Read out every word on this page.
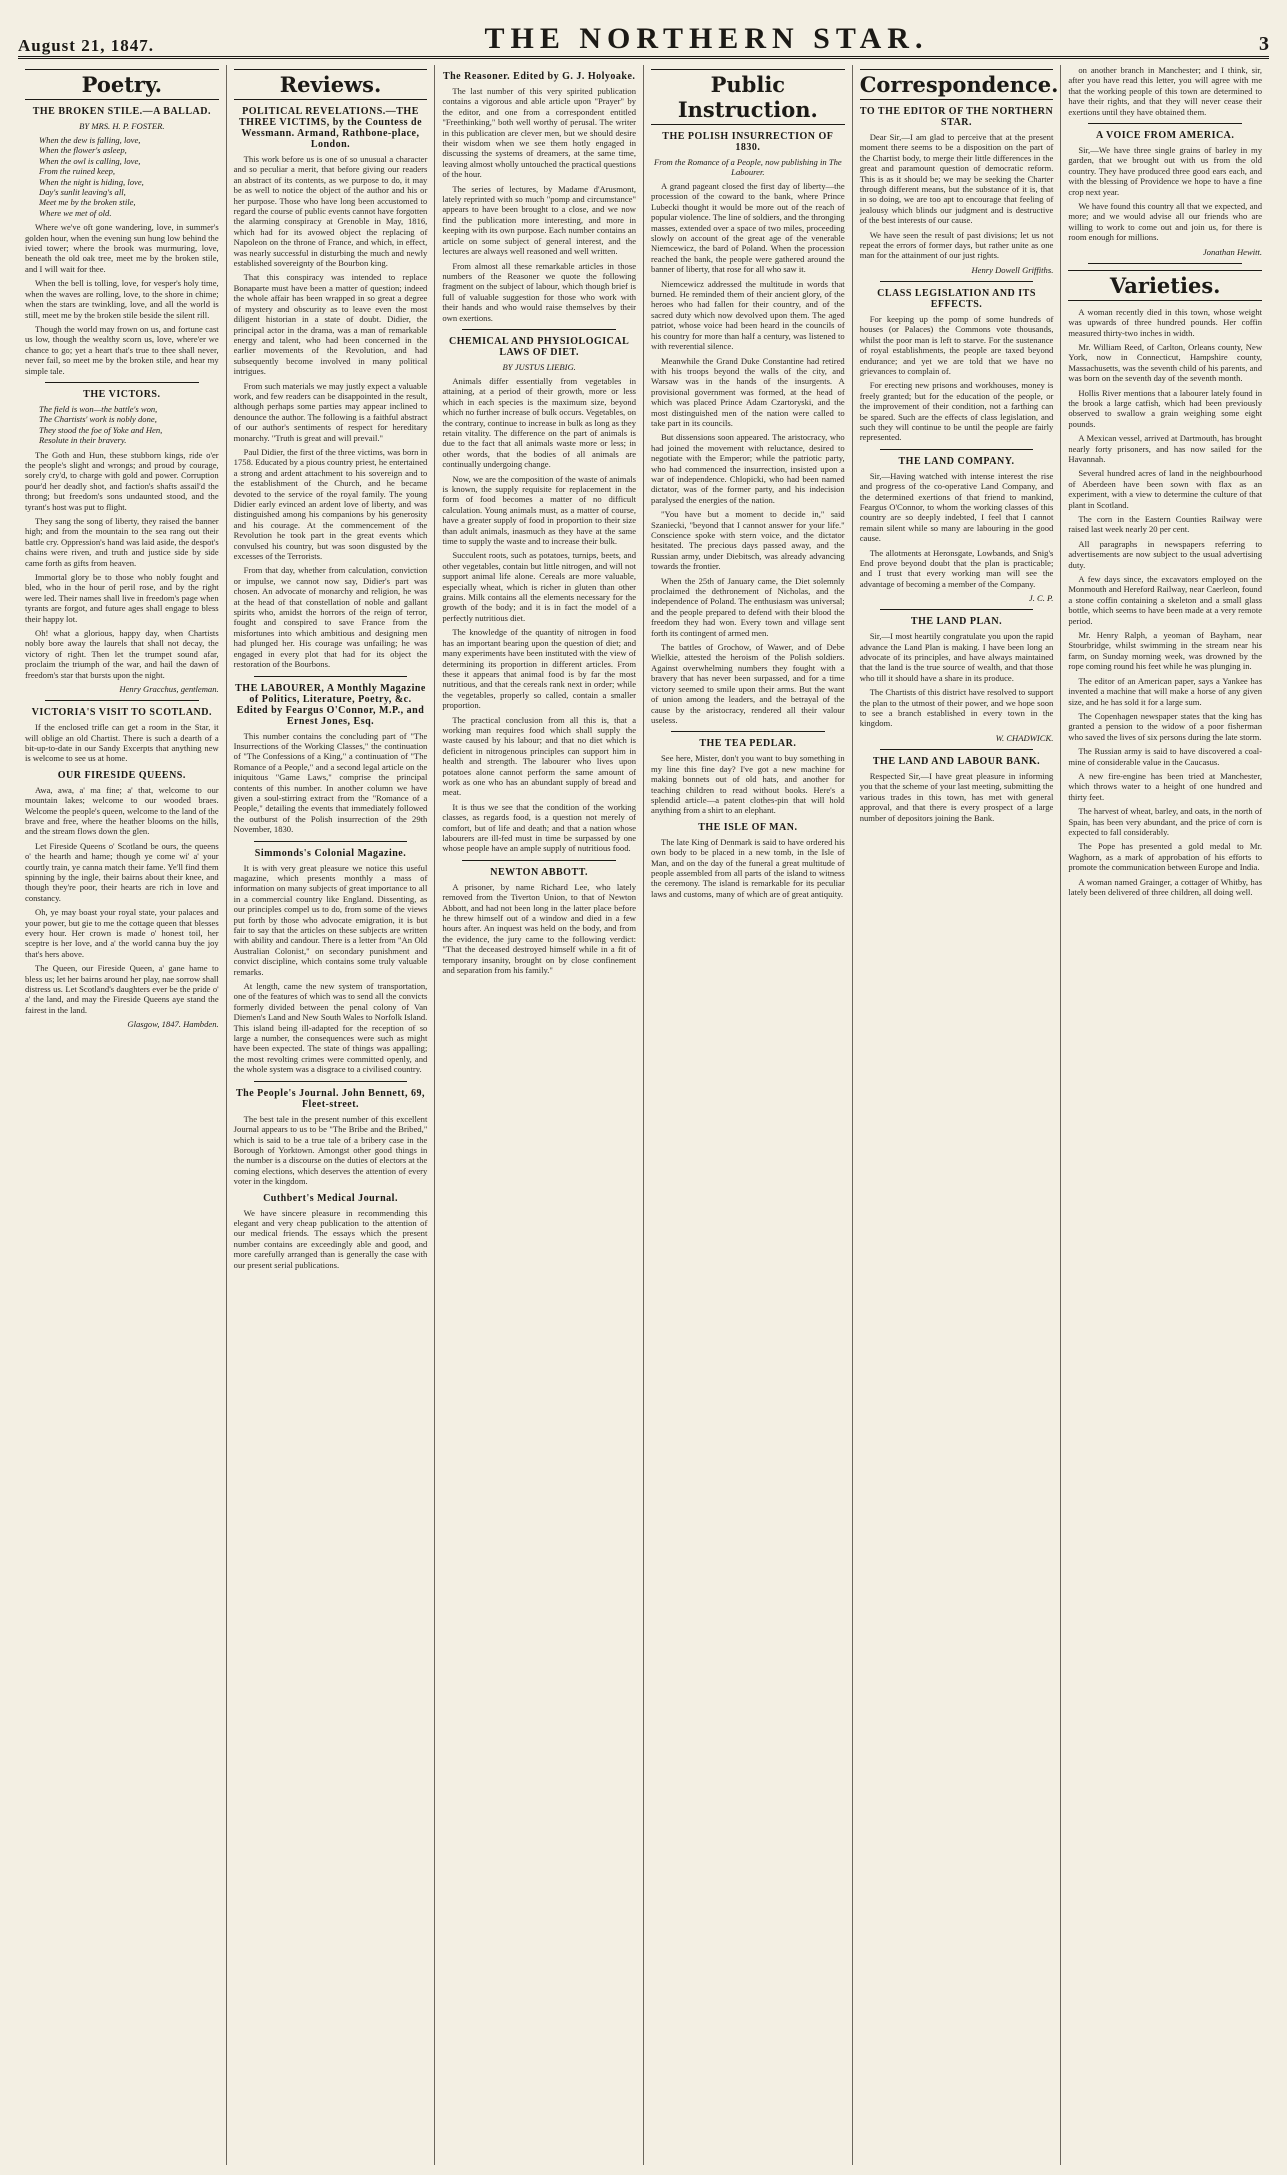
August 21, 1847.	THE NORTHERN STAR.	3
Poetry.
THE BROKEN STILE.—A BALLAD.
BY MRS. H. P. FOSTER.
When the dew is falling, love,
When the flower's asleep,
When the owl is calling, love,
From the ruined keep,
When the night is hiding, love,
Day's sunlit leaving's all,
Meet me by the broken stile,
Where we met of old.
Where we've oft gone wandering, love, in summer's golden hour, when the evening sun hung low behind the ivied tower; where the brook was murmuring, love, beneath the old oak tree, meet me by the broken stile, and I will wait for thee.
When the bell is tolling, love, for vesper's holy time, when the waves are rolling, love, to the shore in chime; when the stars are twinkling, love, and all the world is still, meet me by the broken stile beside the silent rill.
Though the world may frown on us, and fortune cast us low, though the wealthy scorn us, love, where'er we chance to go; yet a heart that's true to thee shall never, never fail, so meet me by the broken stile, and hear my simple tale.
THE VICTORS.
The field is won—the battle's won,
The Chartists' work is nobly done,
They stood the foe of Yoke and Hen,
Resolute in their bravery.
The Goth and Hun, these stubborn kings, ride o'er the people's slight and wrongs; and proud by courage, sorely cry'd, to charge with gold and power. Corruption pour'd her deadly shot, and faction's shafts assail'd the throng; but freedom's sons undaunted stood, and the tyrant's host was put to flight.
They sang the song of liberty, they raised the banner high; and from the mountain to the sea rang out their battle cry. Oppression's hand was laid aside, the despot's chains were riven, and truth and justice side by side came forth as gifts from heaven.
Immortal glory be to those who nobly fought and bled, who in the hour of peril rose, and by the right were led. Their names shall live in freedom's page when tyrants are forgot, and future ages shall engage to bless their happy lot.
Oh! what a glorious, happy day, when Chartists nobly bore away the laurels that shall not decay, the victory of right. Then let the trumpet sound afar, proclaim the triumph of the war, and hail the dawn of freedom's star that bursts upon the night.
Henry Gracchus, gentleman.
VICTORIA'S VISIT TO SCOTLAND.
If the enclosed trifle can get a room in the Star, it will oblige an old Chartist. There is such a dearth of a bit-up-to-date in our Sandy Excerpts that anything new is welcome to see us at home.
OUR FIRESIDE QUEENS.
Awa, awa, a' ma fine; a' that, welcome to our mountain lakes; welcome to our wooded braes. Welcome the people's queen, welcome to the land of the brave and free, where the heather blooms on the hills, and the stream flows down the glen.
Let Fireside Queens o' Scotland be ours, the queens o' the hearth and hame; though ye come wi' a' your courtly train, ye canna match their fame. Ye'll find them spinning by the ingle, their bairns about their knee, and though they're poor, their hearts are rich in love and constancy.
Oh, ye may boast your royal state, your palaces and your power, but gie to me the cottage queen that blesses every hour. Her crown is made o' honest toil, her sceptre is her love, and a' the world canna buy the joy that's hers above.
The Queen, our Fireside Queen, a' gane hame to bless us; let her bairns around her play, nae sorrow shall distress us. Let Scotland's daughters ever be the pride o' a' the land, and may the Fireside Queens aye stand the fairest in the land.
Glasgow, 1847. Hambden.
Reviews.
POLITICAL REVELATIONS.—THE THREE VICTIMS, by the Countess de Wessmann. Armand, Rathbone-place, London.
This work before us is one of so unusual a character and so peculiar a merit, that before giving our readers an abstract of its contents, as we purpose to do, it may be as well to notice the object of the author and his or her purpose. Those who have long been accustomed to regard the course of public events cannot have forgotten the alarming conspiracy at Grenoble in May, 1816, which had for its avowed object the replacing of Napoleon on the throne of France, and which, in effect, was nearly successful in disturbing the much and newly established sovereignty of the Bourbon king.
That this conspiracy was intended to replace Bonaparte must have been a matter of question; indeed the whole affair has been wrapped in so great a degree of mystery and obscurity as to leave even the most diligent historian in a state of doubt. Didier, the principal actor in the drama, was a man of remarkable energy and talent, who had been concerned in the earlier movements of the Revolution, and had subsequently become involved in many political intrigues.
From such materials we may justly expect a valuable work, and few readers can be disappointed in the result, although perhaps some parties may appear inclined to denounce the author. The following is a faithful abstract of our author's sentiments of respect for hereditary monarchy. "Truth is great and will prevail."
Paul Didier, the first of the three victims, was born in 1758. Educated by a pious country priest, he entertained a strong and ardent attachment to his sovereign and to the establishment of the Church, and he became devoted to the service of the royal family. The young Didier early evinced an ardent love of liberty, and was distinguished among his companions by his generosity and his courage. At the commencement of the Revolution he took part in the great events which convulsed his country, but was soon disgusted by the excesses of the Terrorists.
From that day, whether from calculation, conviction or impulse, we cannot now say, Didier's part was chosen. An advocate of monarchy and religion, he was at the head of that constellation of noble and gallant spirits who, amidst the horrors of the reign of terror, fought and conspired to save France from the misfortunes into which ambitious and designing men had plunged her. His courage was unfailing; he was engaged in every plot that had for its object the restoration of the Bourbons.
THE LABOURER, A Monthly Magazine of Politics, Literature, Poetry, &c. Edited by Feargus O'Connor, M.P., and Ernest Jones, Esq.
This number contains the concluding part of "The Insurrections of the Working Classes," the continuation of "The Confessions of a King," a continuation of "The Romance of a People," and a second legal article on the iniquitous "Game Laws," comprise the principal contents of this number. In another column we have given a soul-stirring extract from the "Romance of a People," detailing the events that immediately followed the outburst of the Polish insurrection of the 29th November, 1830.
Simmonds's Colonial Magazine.
It is with very great pleasure we notice this useful magazine, which presents monthly a mass of information on many subjects of great importance to all in a commercial country like England. Dissenting, as our principles compel us to do, from some of the views put forth by those who advocate emigration, it is but fair to say that the articles on these subjects are written with ability and candour. There is a letter from "An Old Australian Colonist," on secondary punishment and convict discipline, which contains some truly valuable remarks.
At length, came the new system of transportation, one of the features of which was to send all the convicts formerly divided between the penal colony of Van Diemen's Land and New South Wales to Norfolk Island. This island being ill-adapted for the reception of so large a number, the consequences were such as might have been expected. The state of things was appalling; the most revolting crimes were committed openly, and the whole system was a disgrace to a civilised country.
The People's Journal. John Bennett, 69, Fleet-street.
The best tale in the present number of this excellent Journal appears to us to be "The Bribe and the Bribed," which is said to be a true tale of a bribery case in the Borough of Yorktown. Amongst other good things in the number is a discourse on the duties of electors at the coming elections, which deserves the attention of every voter in the kingdom.
Cuthbert's Medical Journal.
We have sincere pleasure in recommending this elegant and very cheap publication to the attention of our medical friends. The essays which the present number contains are exceedingly able and good, and more carefully arranged than is generally the case with our present serial publications.
The Reasoner. Edited by G. J. Holyoake.
The last number of this very spirited publication contains a vigorous and able article upon "Prayer" by the editor, and one from a correspondent entitled "Freethinking," both well worthy of perusal. The writer in this publication are clever men, but we should desire their wisdom when we see them hotly engaged in discussing the systems of dreamers, at the same time, leaving almost wholly untouched the practical questions of the hour.
The series of lectures, by Madame d'Arusmont, lately reprinted with so much "pomp and circumstance" appears to have been brought to a close, and we now find the publication more interesting, and more in keeping with its own purpose. Each number contains an article on some subject of general interest, and the lectures are always well reasoned and well written.
From almost all these remarkable articles in those numbers of the Reasoner we quote the following fragment on the subject of labour, which though brief is full of valuable suggestion for those who work with their hands and who would raise themselves by their own exertions.
CHEMICAL AND PHYSIOLOGICAL LAWS OF DIET.
BY JUSTUS LIEBIG.
Animals differ essentially from vegetables in attaining, at a period of their growth, more or less which in each species is the maximum size, beyond which no further increase of bulk occurs. Vegetables, on the contrary, continue to increase in bulk as long as they retain vitality. The difference on the part of animals is due to the fact that all animals waste more or less; in other words, that the bodies of all animals are continually undergoing change.
Now, we are the composition of the waste of animals is known, the supply requisite for replacement in the form of food becomes a matter of no difficult calculation. Young animals must, as a matter of course, have a greater supply of food in proportion to their size than adult animals, inasmuch as they have at the same time to supply the waste and to increase their bulk.
Succulent roots, such as potatoes, turnips, beets, and other vegetables, contain but little nitrogen, and will not support animal life alone. Cereals are more valuable, especially wheat, which is richer in gluten than other grains. Milk contains all the elements necessary for the growth of the body; and it is in fact the model of a perfectly nutritious diet.
The knowledge of the quantity of nitrogen in food has an important bearing upon the question of diet; and many experiments have been instituted with the view of determining its proportion in different articles. From these it appears that animal food is by far the most nutritious, and that the cereals rank next in order; while the vegetables, properly so called, contain a smaller proportion.
The practical conclusion from all this is, that a working man requires food which shall supply the waste caused by his labour; and that no diet which is deficient in nitrogenous principles can support him in health and strength. The labourer who lives upon potatoes alone cannot perform the same amount of work as one who has an abundant supply of bread and meat.
It is thus we see that the condition of the working classes, as regards food, is a question not merely of comfort, but of life and death; and that a nation whose labourers are ill-fed must in time be surpassed by one whose people have an ample supply of nutritious food.
NEWTON ABBOTT.
A prisoner, by name Richard Lee, who lately removed from the Tiverton Union, to that of Newton Abbott, and had not been long in the latter place before he threw himself out of a window and died in a few hours after. An inquest was held on the body, and from the evidence, the jury came to the following verdict: "That the deceased destroyed himself while in a fit of temporary insanity, brought on by close confinement and separation from his family."
Public Instruction.
THE POLISH INSURRECTION OF 1830.
From the Romance of a People, now publishing in The Labourer.
A grand pageant closed the first day of liberty—the procession of the coward to the bank, where Prince Lubecki thought it would be more out of the reach of popular violence. The line of soldiers, and the thronging masses, extended over a space of two miles, proceeding slowly on account of the great age of the venerable Niemcewicz, the bard of Poland. When the procession reached the bank, the people were gathered around the banner of liberty, that rose for all who saw it.
Niemcewicz addressed the multitude in words that burned. He reminded them of their ancient glory, of the heroes who had fallen for their country, and of the sacred duty which now devolved upon them. The aged patriot, whose voice had been heard in the councils of his country for more than half a century, was listened to with reverential silence.
Meanwhile the Grand Duke Constantine had retired with his troops beyond the walls of the city, and Warsaw was in the hands of the insurgents. A provisional government was formed, at the head of which was placed Prince Adam Czartoryski, and the most distinguished men of the nation were called to take part in its councils.
But dissensions soon appeared. The aristocracy, who had joined the movement with reluctance, desired to negotiate with the Emperor; while the patriotic party, who had commenced the insurrection, insisted upon a war of independence. Chlopicki, who had been named dictator, was of the former party, and his indecision paralysed the energies of the nation.
"You have but a moment to decide in," said Szaniecki, "beyond that I cannot answer for your life." Conscience spoke with stern voice, and the dictator hesitated. The precious days passed away, and the Russian army, under Diebitsch, was already advancing towards the frontier.
When the 25th of January came, the Diet solemnly proclaimed the dethronement of Nicholas, and the independence of Poland. The enthusiasm was universal; and the people prepared to defend with their blood the freedom they had won. Every town and village sent forth its contingent of armed men.
The battles of Grochow, of Wawer, and of Debe Wielkie, attested the heroism of the Polish soldiers. Against overwhelming numbers they fought with a bravery that has never been surpassed, and for a time victory seemed to smile upon their arms. But the want of union among the leaders, and the betrayal of the cause by the aristocracy, rendered all their valour useless.
THE TEA PEDLAR.
See here, Mister, don't you want to buy something in my line this fine day? I've got a new machine for making bonnets out of old hats, and another for teaching children to read without books. Here's a splendid article—a patent clothes-pin that will hold anything from a shirt to an elephant.
THE ISLE OF MAN.
The late King of Denmark is said to have ordered his own body to be placed in a new tomb, in the Isle of Man, and on the day of the funeral a great multitude of people assembled from all parts of the island to witness the ceremony. The island is remarkable for its peculiar laws and customs, many of which are of great antiquity.
Correspondence.
TO THE EDITOR OF THE NORTHERN STAR.
Dear Sir,—I am glad to perceive that at the present moment there seems to be a disposition on the part of the Chartist body, to merge their little differences in the great and paramount question of democratic reform. This is as it should be; we may be seeking the Charter through different means, but the substance of it is, that in so doing, we are too apt to encourage that feeling of jealousy which blinds our judgment and is destructive of the best interests of our cause.
We have seen the result of past divisions; let us not repeat the errors of former days, but rather unite as one man for the attainment of our just rights.
Henry Dowell Griffiths.
CLASS LEGISLATION AND ITS EFFECTS.
For keeping up the pomp of some hundreds of houses (or Palaces) the Commons vote thousands, whilst the poor man is left to starve. For the sustenance of royal establishments, the people are taxed beyond endurance; and yet we are told that we have no grievances to complain of.
For erecting new prisons and workhouses, money is freely granted; but for the education of the people, or the improvement of their condition, not a farthing can be spared. Such are the effects of class legislation, and such they will continue to be until the people are fairly represented.
THE LAND COMPANY.
Sir,—Having watched with intense interest the rise and progress of the co-operative Land Company, and the determined exertions of that friend to mankind, Feargus O'Connor, to whom the working classes of this country are so deeply indebted, I feel that I cannot remain silent while so many are labouring in the good cause.
The allotments at Heronsgate, Lowbands, and Snig's End prove beyond doubt that the plan is practicable; and I trust that every working man will see the advantage of becoming a member of the Company.
J. C. P.
THE LAND PLAN.
Sir,—I most heartily congratulate you upon the rapid advance the Land Plan is making. I have been long an advocate of its principles, and have always maintained that the land is the true source of wealth, and that those who till it should have a share in its produce.
The Chartists of this district have resolved to support the plan to the utmost of their power, and we hope soon to see a branch established in every town in the kingdom.
W. CHADWICK.
THE LAND AND LABOUR BANK.
Respected Sir,—I have great pleasure in informing you that the scheme of your last meeting, submitting the various trades in this town, has met with general approval, and that there is every prospect of a large number of depositors joining the Bank.
on another branch in Manchester; and I think, sir, after you have read this letter, you will agree with me that the working people of this town are determined to have their rights, and that they will never cease their exertions until they have obtained them.
A VOICE FROM AMERICA.
Sir,—We have three single grains of barley in my garden, that we brought out with us from the old country. They have produced three good ears each, and with the blessing of Providence we hope to have a fine crop next year.
We have found this country all that we expected, and more; and we would advise all our friends who are willing to work to come out and join us, for there is room enough for millions.
Jonathan Hewitt.
Varieties.
A woman recently died in this town, whose weight was upwards of three hundred pounds. Her coffin measured thirty-two inches in width.
Mr. William Reed, of Carlton, Orleans county, New York, now in Connecticut, Hampshire county, Massachusetts, was the seventh child of his parents, and was born on the seventh day of the seventh month.
Hollis River mentions that a labourer lately found in the brook a large catfish, which had been previously observed to swallow a grain weighing some eight pounds.
A Mexican vessel, arrived at Dartmouth, has brought nearly forty prisoners, and has now sailed for the Havannah.
Several hundred acres of land in the neighbourhood of Aberdeen have been sown with flax as an experiment, with a view to determine the culture of that plant in Scotland.
The corn in the Eastern Counties Railway were raised last week nearly 20 per cent.
All paragraphs in newspapers referring to advertisements are now subject to the usual advertising duty.
A few days since, the excavators employed on the Monmouth and Hereford Railway, near Caerleon, found a stone coffin containing a skeleton and a small glass bottle, which seems to have been made at a very remote period.
Mr. Henry Ralph, a yeoman of Bayham, near Stourbridge, whilst swimming in the stream near his farm, on Sunday morning week, was drowned by the rope coming round his feet while he was plunging in.
The editor of an American paper, says a Yankee has invented a machine that will make a horse of any given size, and he has sold it for a large sum.
The Copenhagen newspaper states that the king has granted a pension to the widow of a poor fisherman who saved the lives of six persons during the late storm.
The Russian army is said to have discovered a coal-mine of considerable value in the Caucasus.
A new fire-engine has been tried at Manchester, which throws water to a height of one hundred and thirty feet.
The harvest of wheat, barley, and oats, in the north of Spain, has been very abundant, and the price of corn is expected to fall considerably.
The Pope has presented a gold medal to Mr. Waghorn, as a mark of approbation of his efforts to promote the communication between Europe and India.
A woman named Grainger, a cottager of Whitby, has lately been delivered of three children, all doing well.
